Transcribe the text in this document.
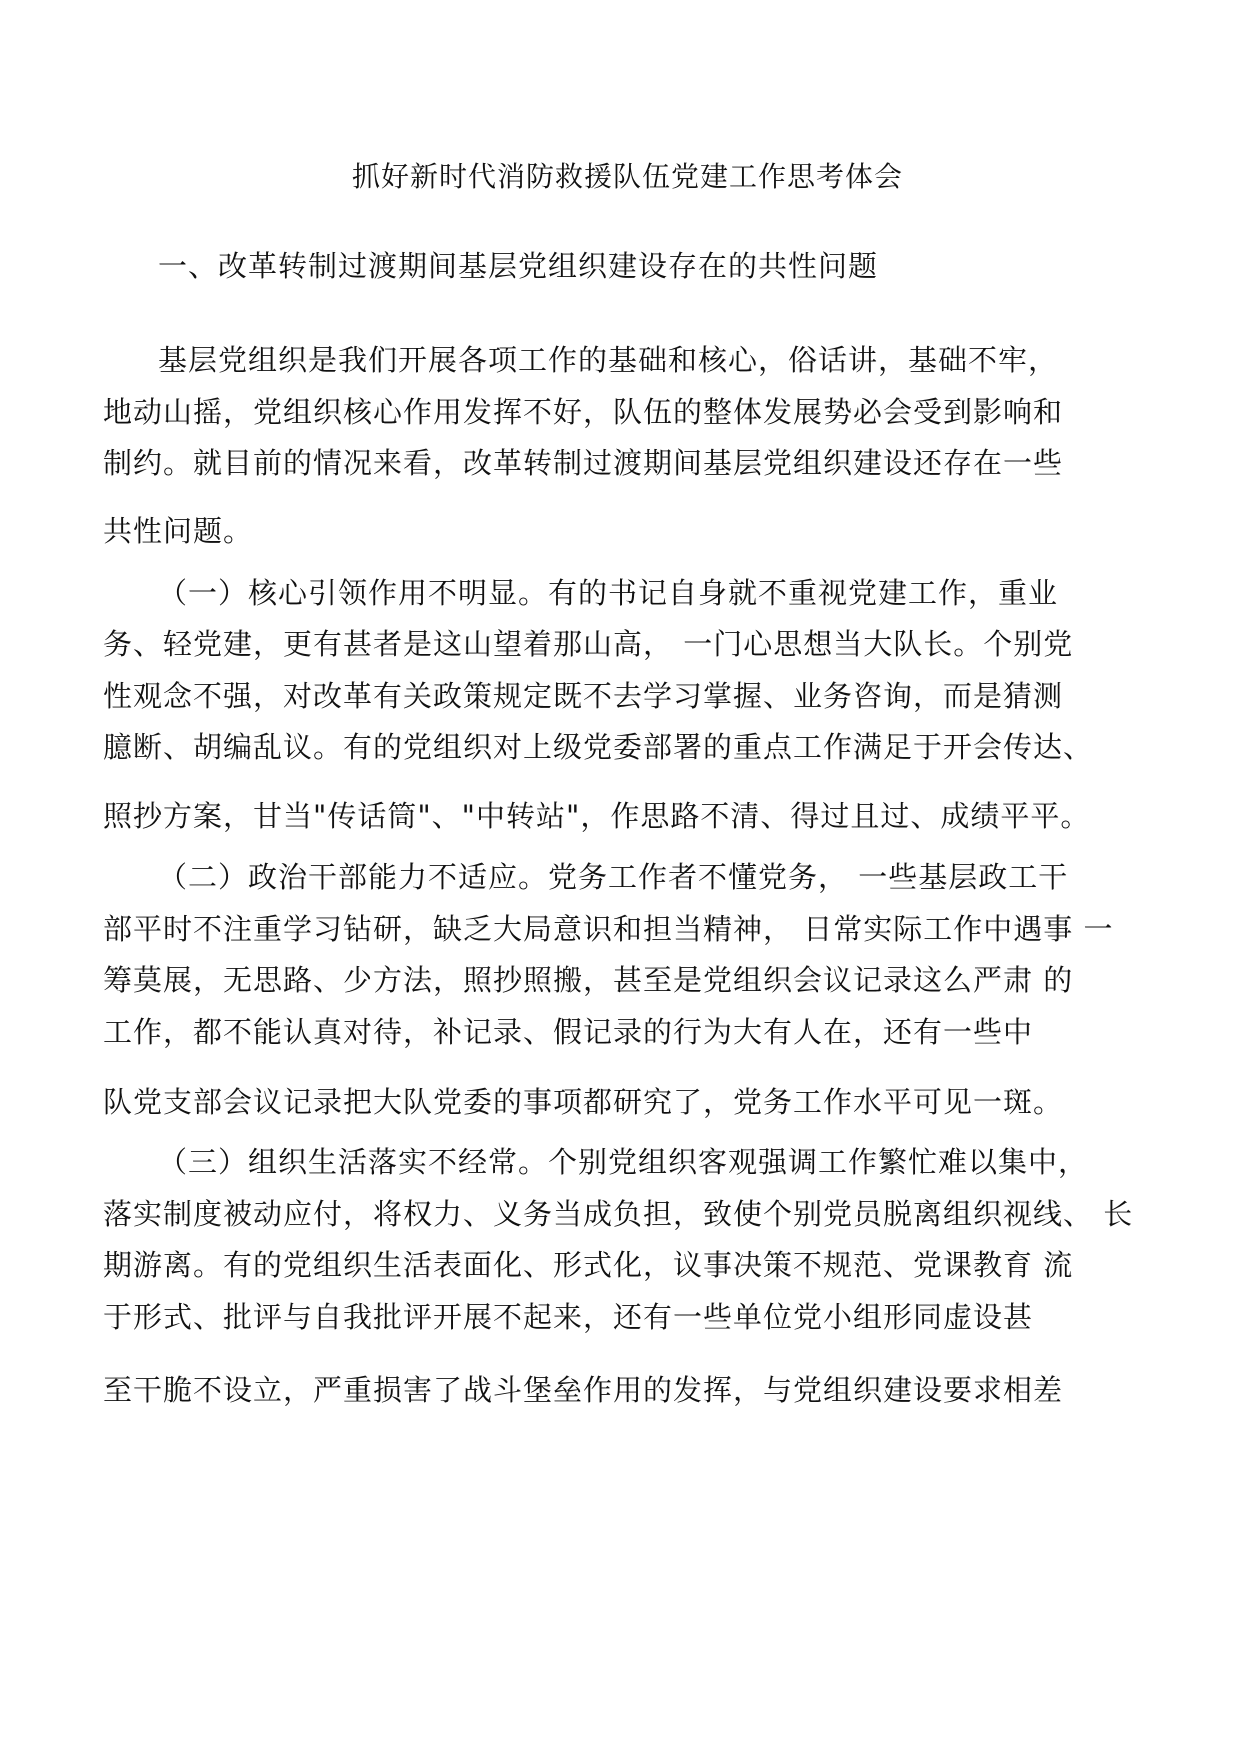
抓好新时代消防救援队伍党建工作思考体会
一、改革转制过渡期间基层党组织建设存在的共性问题
基层党组织是我们开展各项工作的基础和核心，俗话讲，基础不牢，
地动山摇，党组织核心作用发挥不好，队伍的整体发展势必会受到影响和
制约。就目前的情况来看，改革转制过渡期间基层党组织建设还存在一些
共性问题。
（一）核心引领作用不明显。有的书记自身就不重视党建工作，重业
务、轻党建，更有甚者是这山望着那山高， 一门心思想当大队长。个别党
性观念不强，对改革有关政策规定既不去学习掌握、业务咨询，而是猜测
臆断、胡编乱议。有的党组织对上级党委部署的重点工作满足于开会传达、
照抄方案，甘当"传话筒"、"中转站"，作思路不清、得过且过、成绩平平。
（二）政治干部能力不适应。党务工作者不懂党务， 一些基层政工干
部平时不注重学习钻研，缺乏大局意识和担当精神， 日常实际工作中遇事 一
筹莫展，无思路、少方法，照抄照搬，甚至是党组织会议记录这么严肃 的
工作，都不能认真对待，补记录、假记录的行为大有人在，还有一些中
队党支部会议记录把大队党委的事项都研究了，党务工作水平可见一斑。
（三）组织生活落实不经常。个别党组织客观强调工作繁忙难以集中，
落实制度被动应付，将权力、义务当成负担，致使个别党员脱离组织视线、 长
期游离。有的党组织生活表面化、形式化，议事决策不规范、党课教育 流
于形式、批评与自我批评开展不起来，还有一些单位党小组形同虚设甚
至干脆不设立，严重损害了战斗堡垒作用的发挥，与党组织建设要求相差
